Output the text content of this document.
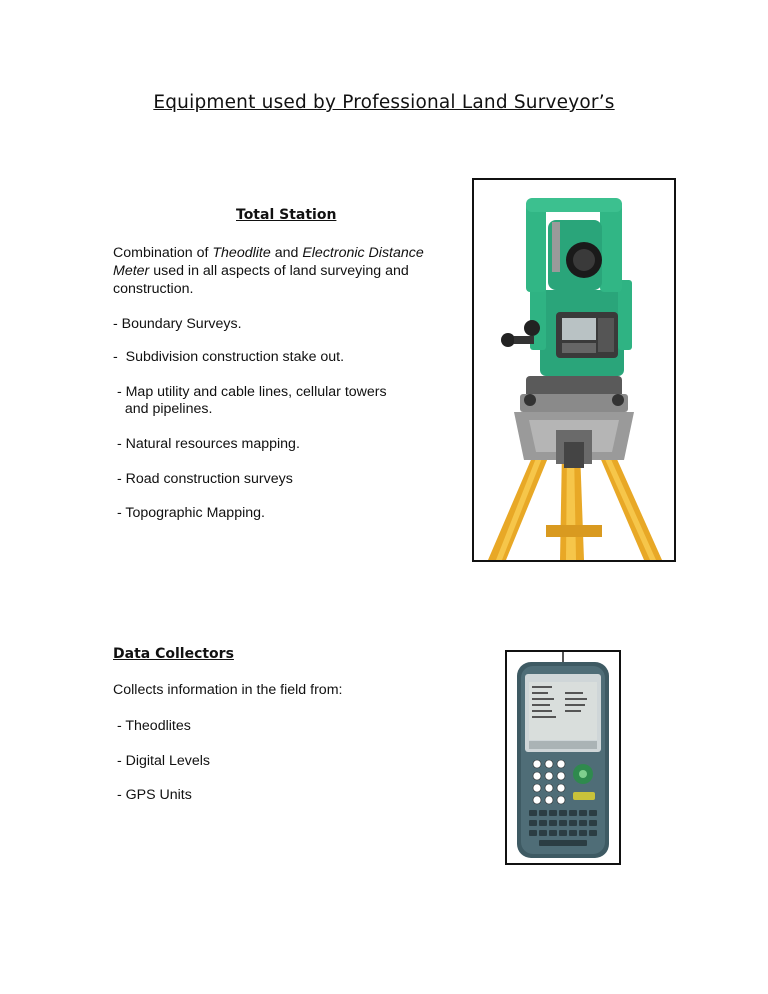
Equipment used by Professional Land Surveyor’s
Total Station
Combination of Theodlite and Electronic Distance
Meter used in all aspects of land surveying and
construction.
- Boundary Surveys.
-  Subdivision construction stake out.
- Map utility and cable lines, cellular towers
and pipelines.
- Natural resources mapping.
- Road construction surveys
- Topographic Mapping.
Data Collectors
Collects information in the field from:
- Theodlites
- Digital Levels
- GPS Units
